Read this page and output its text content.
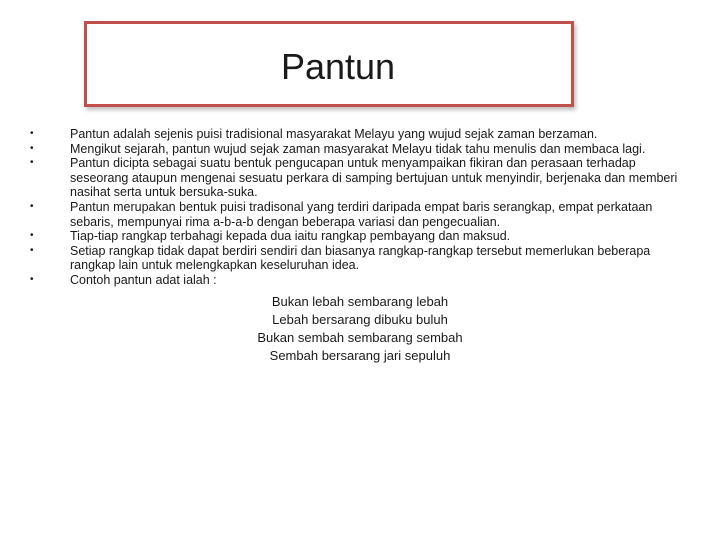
Pantun
•	Pantun adalah sejenis puisi tradisional masyarakat Melayu yang wujud sejak zaman berzaman.
•	Mengikut sejarah, pantun wujud sejak zaman masyarakat Melayu tidak tahu menulis dan membaca lagi.
•	Pantun dicipta sebagai suatu bentuk pengucapan untuk menyampaikan fikiran dan perasaan terhadap seseorang ataupun mengenai sesuatu perkara di samping bertujuan untuk menyindir, berjenaka dan memberi nasihat serta untuk bersuka-suka.
•	Pantun merupakan bentuk puisi tradisonal yang terdiri daripada empat baris serangkap, empat perkataan sebaris, mempunyai rima a-b-a-b dengan beberapa variasi dan pengecualian.
•	Tiap-tiap rangkap terbahagi kepada dua iaitu rangkap pembayang dan maksud.
•	Setiap rangkap tidak dapat berdiri sendiri dan biasanya rangkap-rangkap tersebut memerlukan beberapa rangkap lain untuk melengkapkan keseluruhan idea.
•	Contoh pantun adat ialah :
Bukan lebah sembarang lebah
Lebah bersarang dibuku buluh
Bukan sembah sembarang sembah
Sembah bersarang jari sepuluh
